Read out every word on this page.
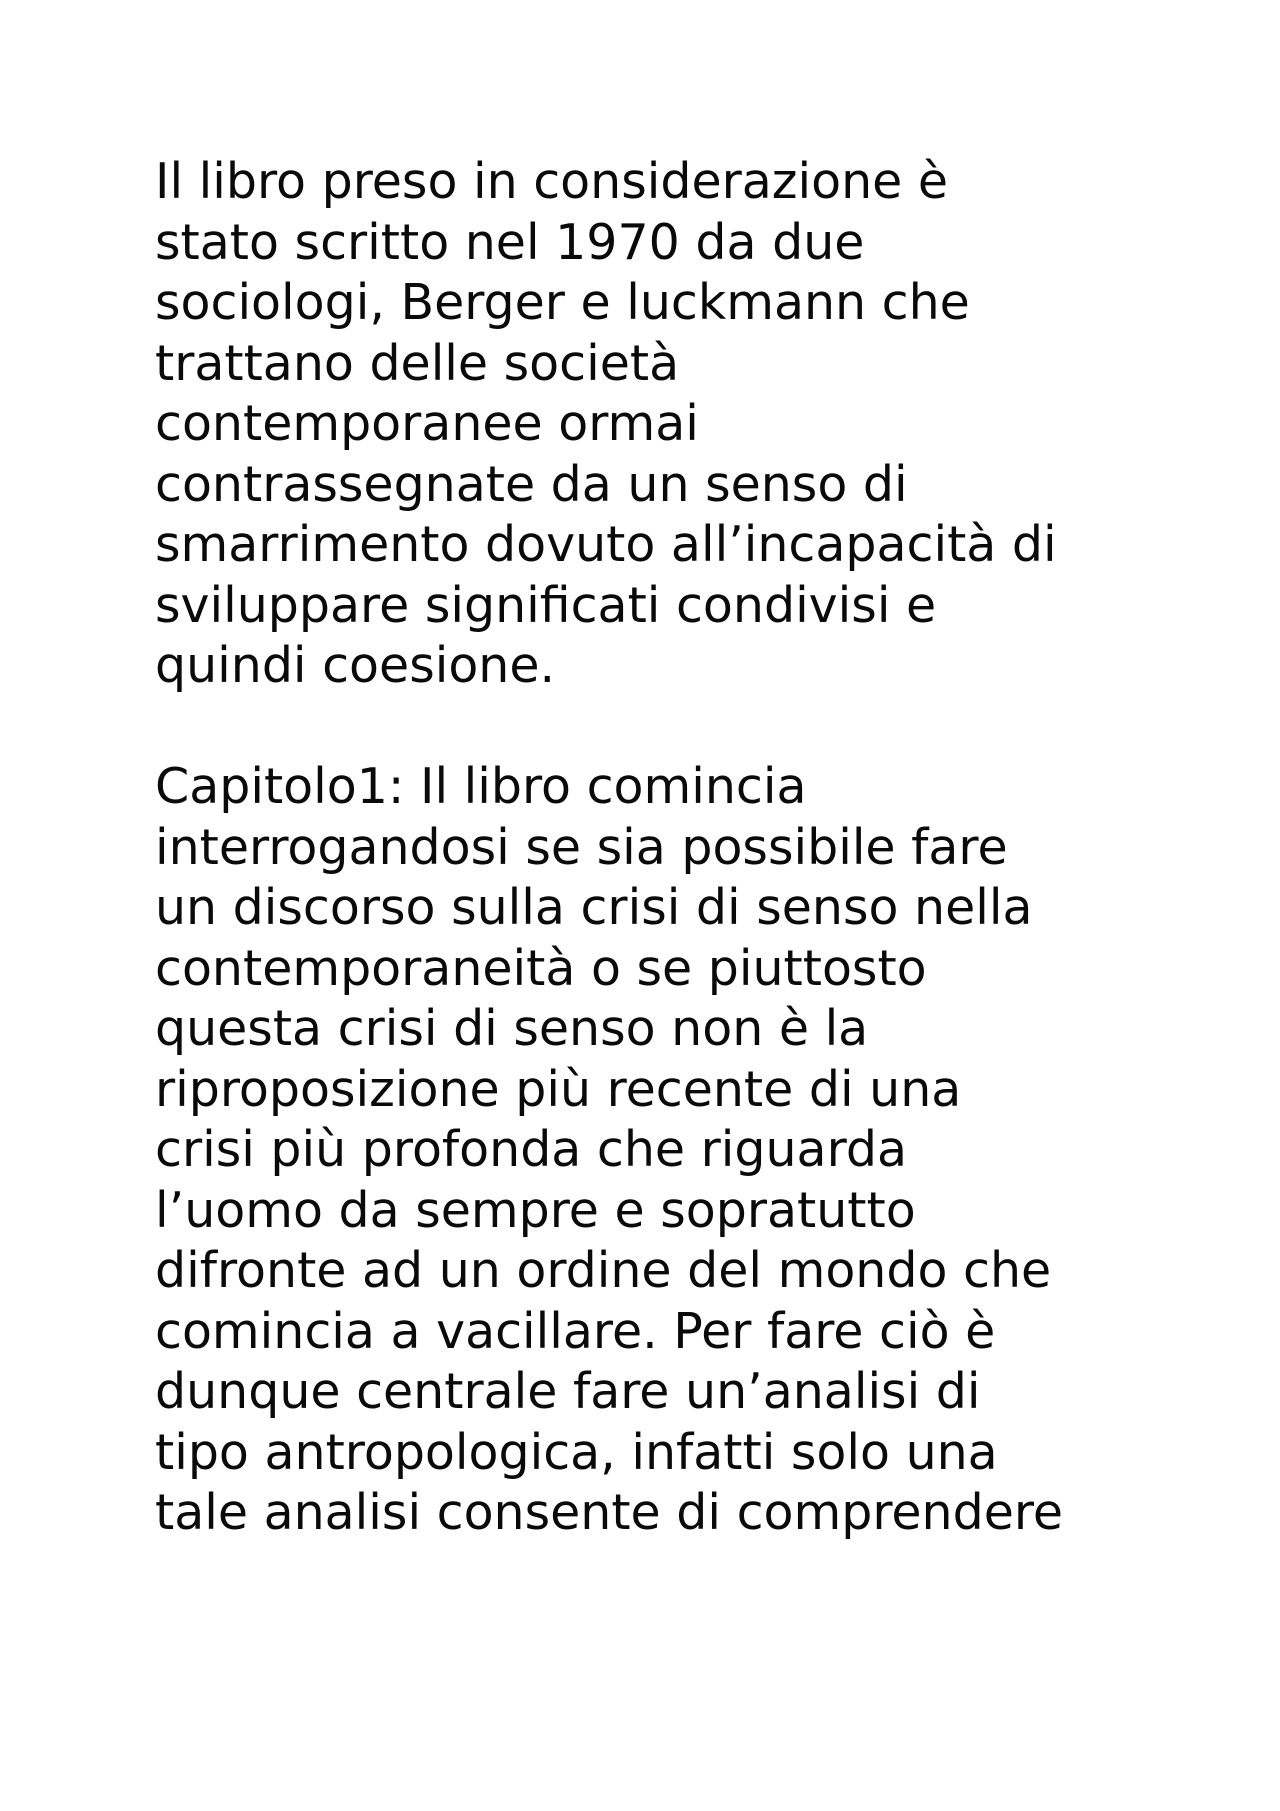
Il libro preso in considerazione è
stato scritto nel 1970 da due
sociologi, Berger e luckmann che
trattano delle società
contemporanee ormai
contrassegnate da un senso di
smarrimento dovuto all’incapacità di
sviluppare significati condivisi e
quindi coesione.
Capitolo1: Il libro comincia
interrogandosi se sia possibile fare
un discorso sulla crisi di senso nella
contemporaneità o se piuttosto
questa crisi di senso non è la
riproposizione più recente di una
crisi più profonda che riguarda
l’uomo da sempre e sopratutto
difronte ad un ordine del mondo che
comincia a vacillare. Per fare ciò è
dunque centrale fare un’analisi di
tipo antropologica, infatti solo una
tale analisi consente di comprendere
